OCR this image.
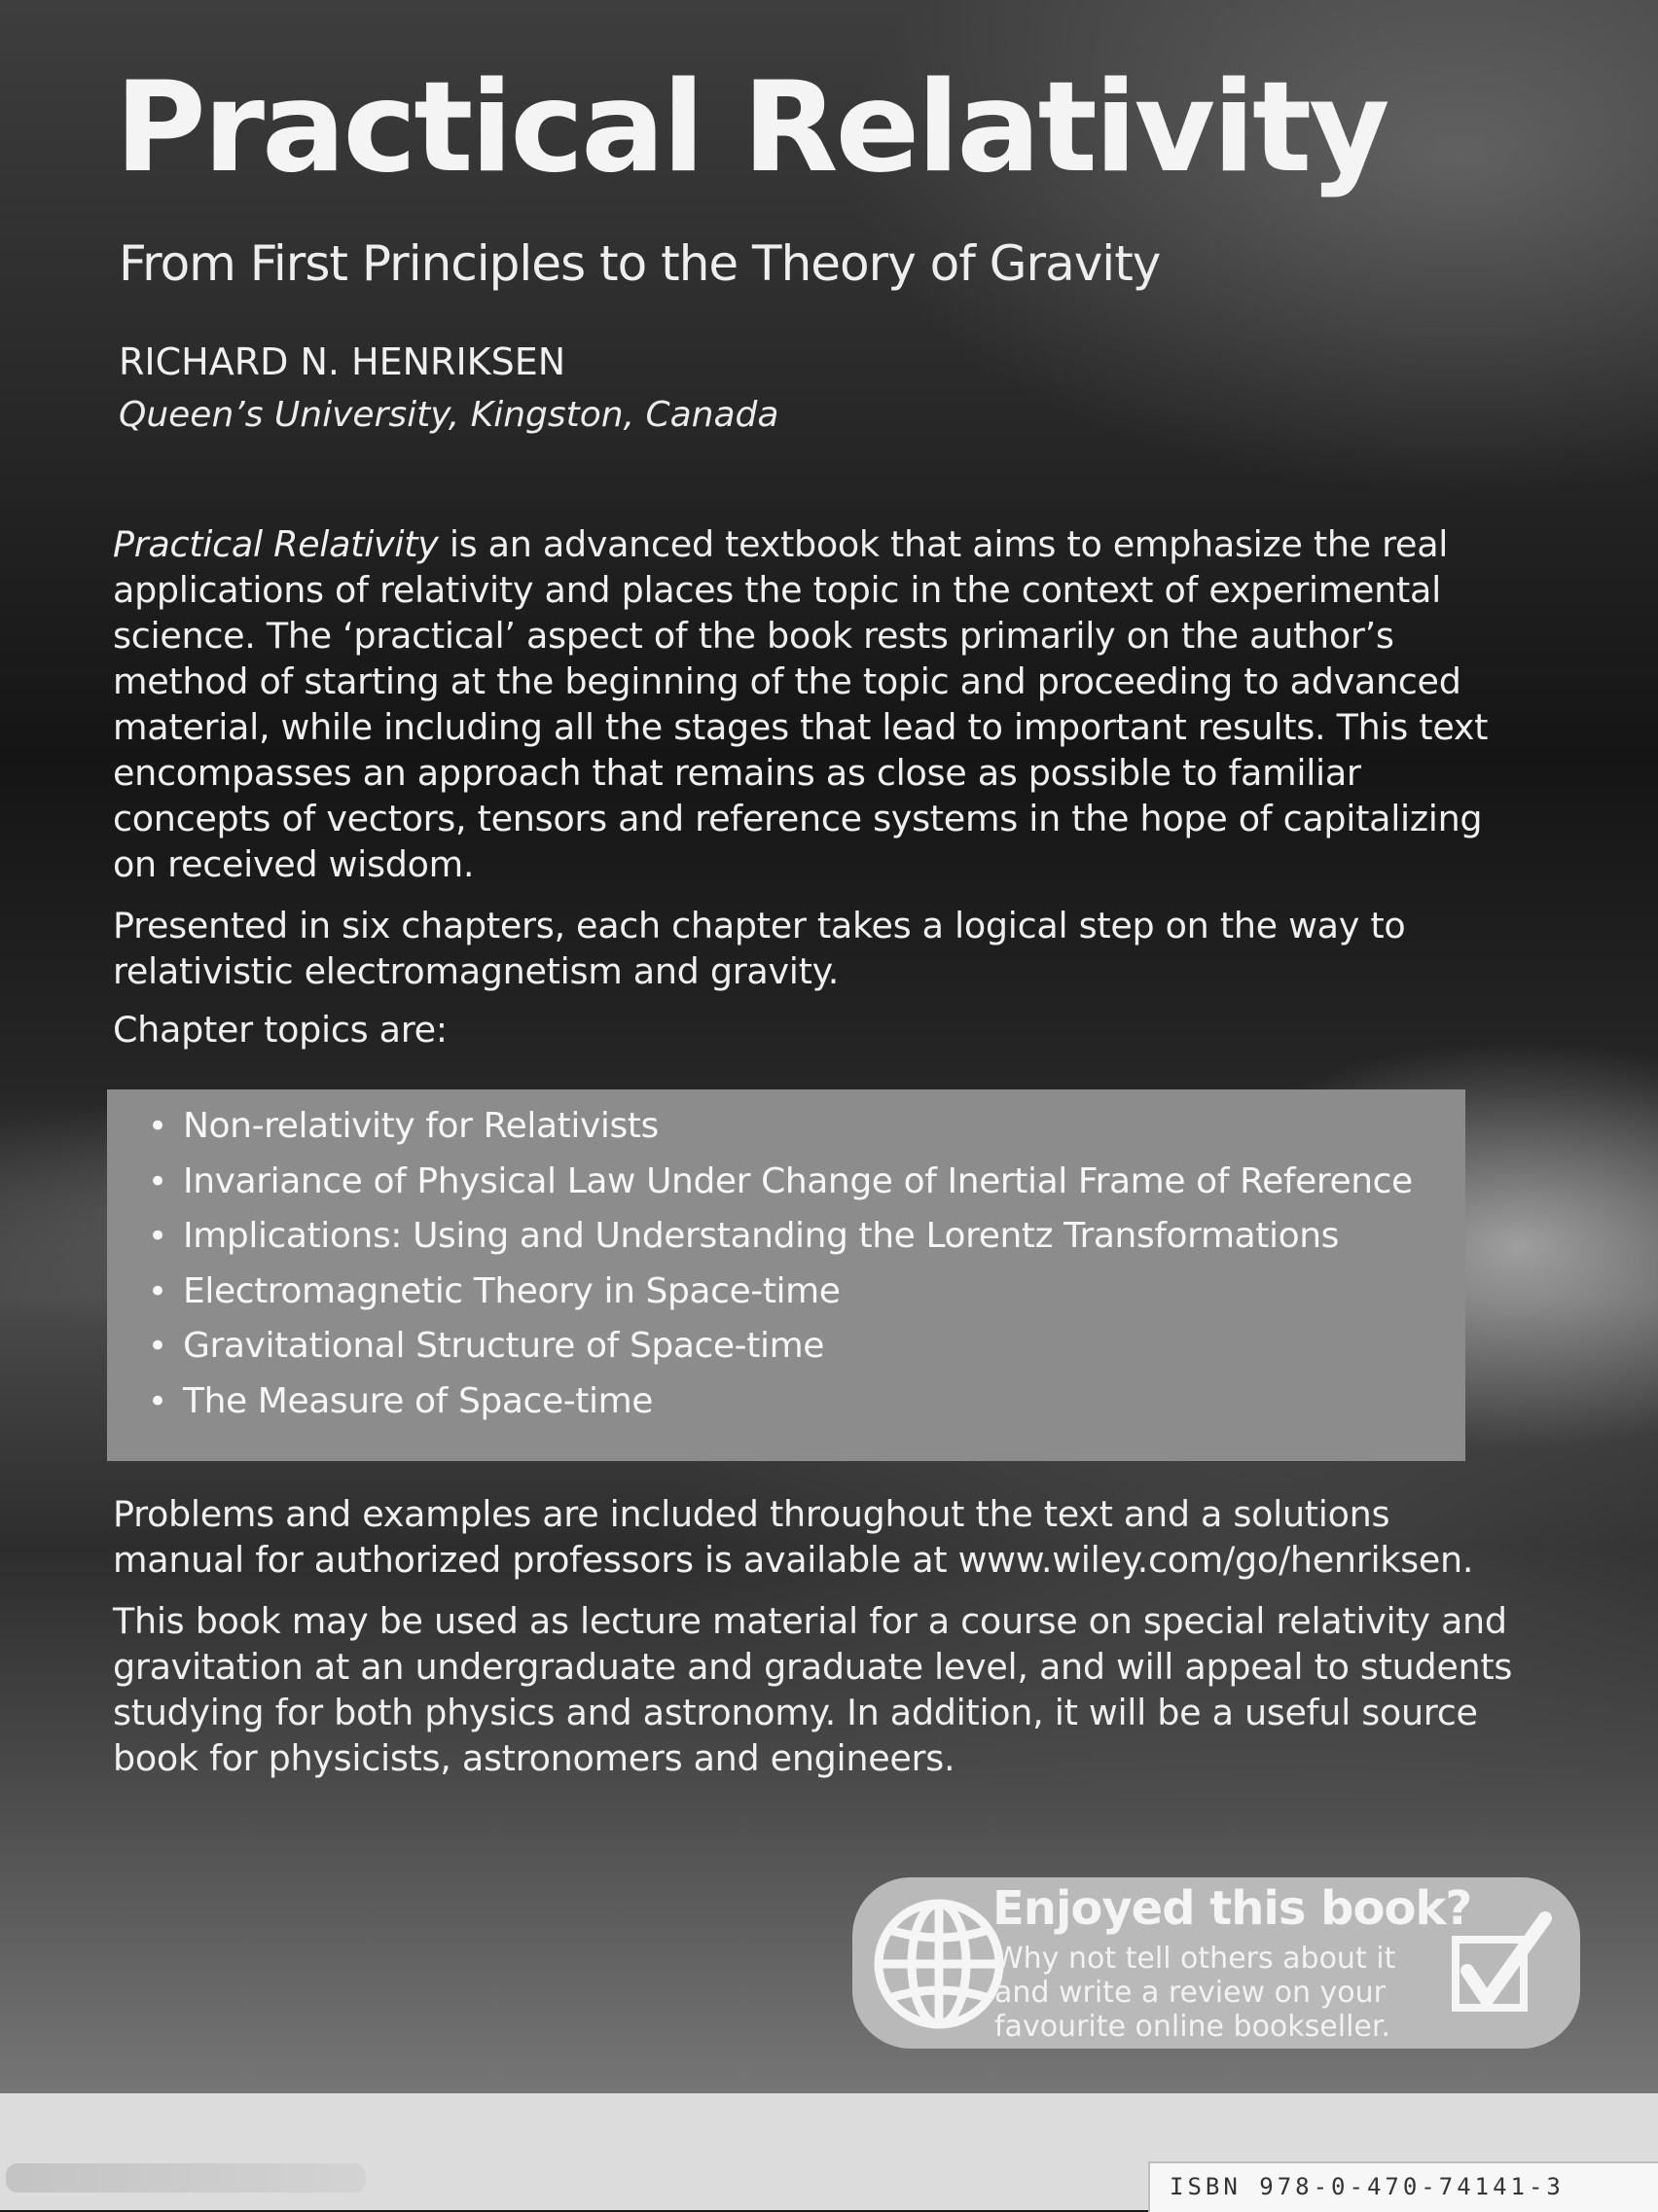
Practical Relativity
From First Principles to the Theory of Gravity
RICHARD N. HENRIKSEN
Queen’s University, Kingston, Canada

Practical Relativity is an advanced textbook that aims to emphasize the real applications of relativity and places the topic in the context of experimental science. The ‘practical’ aspect of the book rests primarily on the author’s method of starting at the beginning of the topic and proceeding to advanced material, while including all the stages that lead to important results. This text encompasses an approach that remains as close as possible to familiar concepts of vectors, tensors and reference systems in the hope of capitalizing on received wisdom.

Presented in six chapters, each chapter takes a logical step on the way to relativistic electromagnetism and gravity.

Chapter topics are:

• Non-relativity for Relativists
• Invariance of Physical Law Under Change of Inertial Frame of Reference
• Implications: Using and Understanding the Lorentz Transformations
• Electromagnetic Theory in Space-time
• Gravitational Structure of Space-time
• The Measure of Space-time

Problems and examples are included throughout the text and a solutions manual for authorized professors is available at www.wiley.com/go/henriksen.

This book may be used as lecture material for a course on special relativity and gravitation at an undergraduate and graduate level, and will appeal to students studying for both physics and astronomy. In addition, it will be a useful source book for physicists, astronomers and engineers.

Enjoyed this book?
Why not tell others about it and write a review on your favourite online bookseller.
ISBN 978-0-470-74141-3
